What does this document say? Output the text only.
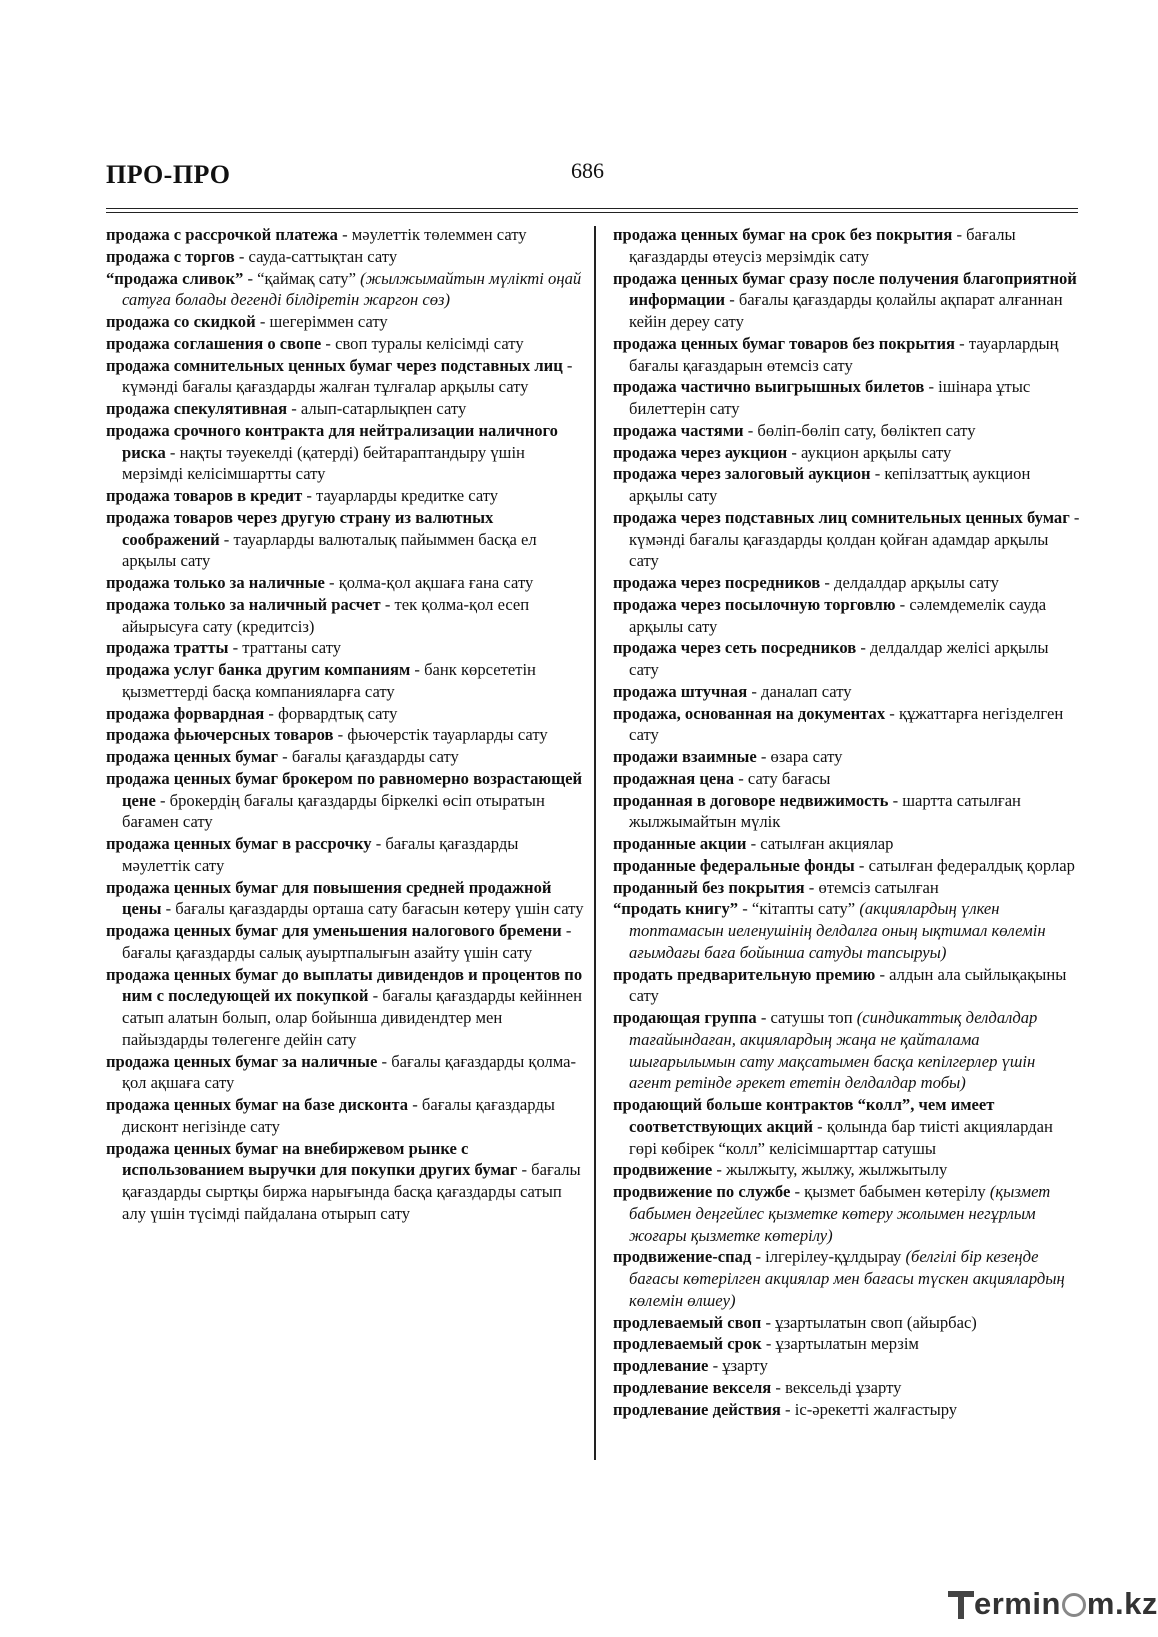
ПРО-ПРО	686

продажа с рассрочкой платежа - мәулеттік төлеммен сату

продажа с торгов - сауда-саттықтан сату

“продажа сливок” - “қаймақ сату” (жылжымайтын мүлікті оңай сатуға болады дегенді білдіретін жаргон сөз)

продажа со скидкой - шегеріммен сату

продажа соглашения о свопе - своп туралы келісімді сату

продажа сомнительных ценных бумаг через подставных лиц - күмәнді бағалы қағаздарды жалған тұлғалар арқылы сату

продажа спекулятивная - алып-сатарлықпен сату

продажа срочного контракта для нейтрализации наличного риска - нақты тәуекелді (қатерді) бейтараптандыру үшін мерзімді келісімшартты сату

продажа товаров в кредит - тауарларды кредитке сату

продажа товаров через другую страну из валютных соображений - тауарларды валюталық пайыммен басқа ел арқылы сату

продажа только за наличные - қолма-қол ақшаға ғана сату

продажа только за наличный расчет - тек қолма-қол есеп айырысуға сату (кредитсіз)

продажа тратты - траттаны сату

продажа услуг банка другим компаниям - банк көрсететін қызметтерді басқа компанияларға сату

продажа форвардная - форвардтық сату

продажа фьючерсных товаров - фьючерстік тауарларды сату

продажа ценных бумаг - бағалы қағаздарды сату

продажа ценных бумаг брокером по равномерно возрастающей цене - брокердің бағалы қағаздарды біркелкі өсіп отыратын бағамен сату

продажа ценных бумаг в рассрочку - бағалы қағаздарды мәулеттік сату

продажа ценных бумаг для повышения средней продажной цены - бағалы қағаздарды орташа сату бағасын көтеру үшін сату

продажа ценных бумаг для уменьшения налогового бремени - бағалы қағаздарды салық ауыртпалығын азайту үшін сату

продажа ценных бумаг до выплаты дивидендов и процентов по ним с последующей их покупкой - бағалы қағаздарды кейіннен сатып алатын болып, олар бойынша дивидендтер мен пайыздарды төлегенге дейін сату

продажа ценных бумаг за наличные - бағалы қағаздарды қолма-қол ақшаға сату

продажа ценных бумаг на базе дисконта - бағалы қағаздарды дисконт негізінде сату

продажа ценных бумаг на внебиржевом рынке с использованием выручки для покупки других бумаг - бағалы қағаздарды сыртқы биржа нарығында басқа қағаздарды сатып алу үшін түсімді пайдалана отырып сату

продажа ценных бумаг на срок без покрытия - бағалы қағаздарды өтеусіз мерзімдік сату

продажа ценных бумаг сразу после получения благоприятной информации - бағалы қағаздарды қолайлы ақпарат алғаннан кейін дереу сату

продажа ценных бумаг товаров без покрытия - тауарлардың бағалы қағаздарын өтемсіз сату

продажа частично выигрышных билетов - ішінара ұтыс билеттерін сату

продажа частями - бөліп-бөліп сату, бөліктеп сату

продажа через аукцион - аукцион арқылы сату

продажа через залоговый аукцион - кепілзаттық аукцион арқылы сату

продажа через подставных лиц сомнительных ценных бумаг - күмәнді бағалы қағаздарды қолдан қойған адамдар арқылы сату

продажа через посредников - делдалдар арқылы сату

продажа через посылочную торговлю - сәлемдемелік сауда арқылы сату

продажа через сеть посредников - делдалдар желісі арқылы сату

продажа штучная - даналап сату

продажа, основанная на документах - құжаттарға негізделген сату

продажи взаимные - өзара сату

продажная цена - сату бағасы

проданная в договоре недвижимость - шартта сатылған жылжымайтын мүлік

проданные акции - сатылған акциялар

проданные федеральные фонды - сатылған федералдық қорлар

проданный без покрытия - өтемсіз сатылған

“продать книгу” - “кітапты сату” (акциялардың үлкен топтамасын иеленушінің делдалға оның ықтимал көлемін ағымдағы баға бойынша сатуды тапсыруы)

продать предварительную премию - алдын ала сыйлықақыны сату

продающая группа - сатушы топ (синдикаттық делдалдар тағайындаған, акциялардың жаңа не қайталама шығарылымын сату мақсатымен басқа кепілгерлер үшін агент ретінде әрекет ететін делдалдар тобы)

продающий больше контрактов “колл”, чем имеет соответствующих акций - қолында бар тиісті акциялардан гөрі көбірек “колл” келісімшарттар сатушы

продвижение - жылжыту, жылжу, жылжытылу

продвижение по службе - қызмет бабымен көтерілу (қызмет бабымен деңгейлес қызметке көтеру жолымен негұрлым жоғары қызметке көтерілу)

продвижение-спад - ілгерілеу-құлдырау (белгілі бір кезеңде бағасы көтерілген акциялар мен бағасы түскен акциялардың көлемін өлшеу)

продлеваемый своп - ұзартылатын своп (айырбас)

продлеваемый срок - ұзартылатын мерзім

продлевание - ұзарту

продлевание векселя - вексельді ұзарту

продлевание действия - іс-әрекетті жалғастыру

ermin m.kz
